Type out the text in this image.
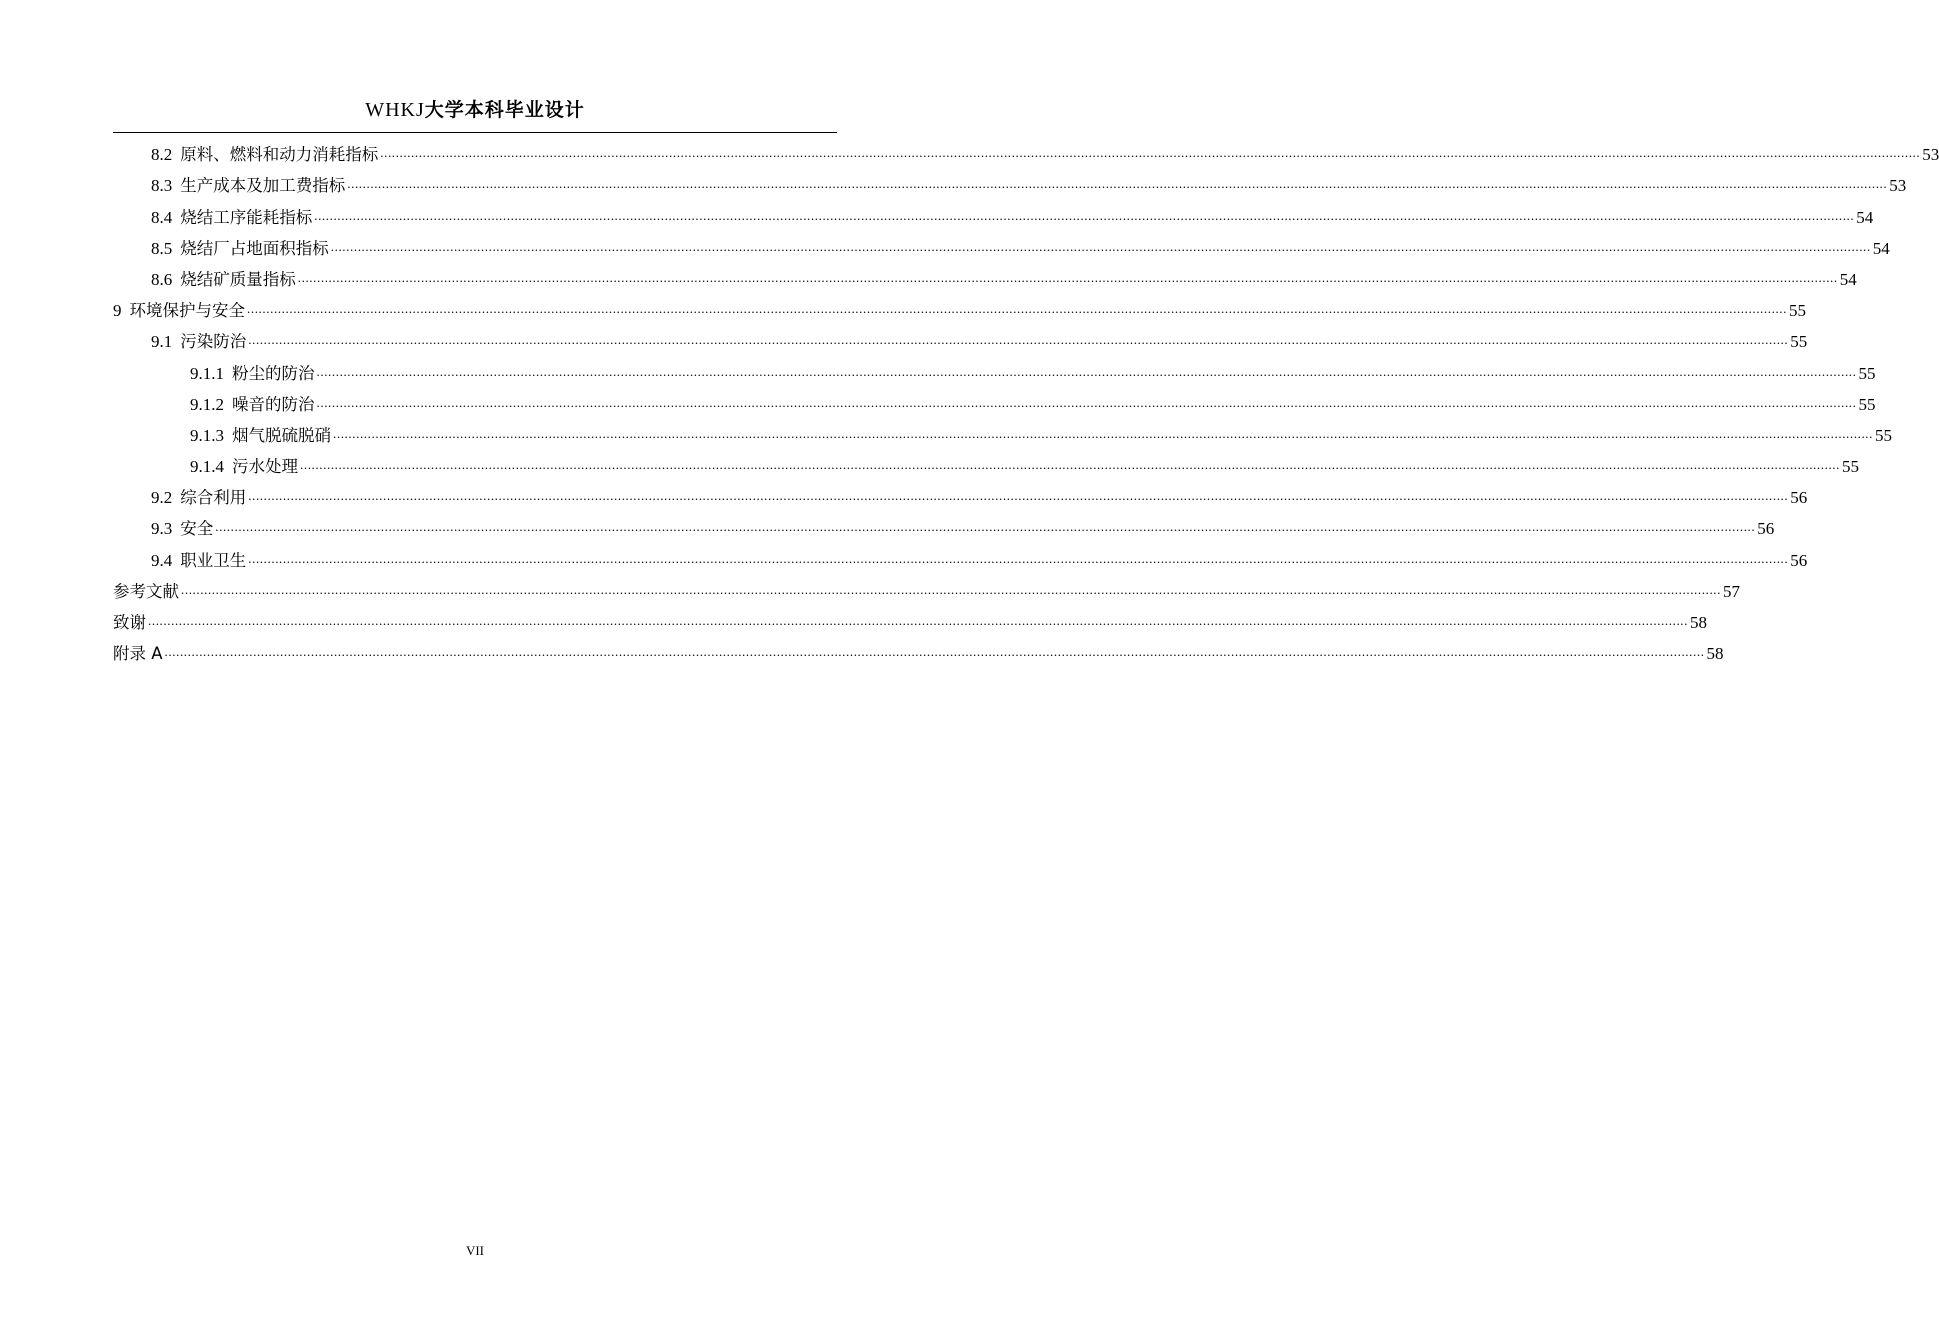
WHKJ大学本科毕业设计
8.2 原料、燃料和动力消耗指标 ................................................................................................................................................................................................................................................................................................................................................................................................................ 53
8.3 生产成本及加工费指标 ................................................................................................................................................................................................................................................................................................................................................................................................................ 53
8.4 烧结工序能耗指标 ................................................................................................................................................................................................................................................................................................................................................................................................................ 54
8.5 烧结厂占地面积指标 ................................................................................................................................................................................................................................................................................................................................................................................................................ 54
8.6 烧结矿质量指标 ................................................................................................................................................................................................................................................................................................................................................................................................................ 54
9 环境保护与安全 ................................................................................................................................................................................................................................................................................................................................................................................................................ 55
9.1 污染防治 ................................................................................................................................................................................................................................................................................................................................................................................................................ 55
9.1.1 粉尘的防治 ................................................................................................................................................................................................................................................................................................................................................................................................................ 55
9.1.2 噪音的防治 ................................................................................................................................................................................................................................................................................................................................................................................................................ 55
9.1.3 烟气脱硫脱硝 ................................................................................................................................................................................................................................................................................................................................................................................................................ 55
9.1.4 污水处理 ................................................................................................................................................................................................................................................................................................................................................................................................................ 55
9.2 综合利用 ................................................................................................................................................................................................................................................................................................................................................................................................................ 56
9.3 安全 ................................................................................................................................................................................................................................................................................................................................................................................................................ 56
9.4 职业卫生 ................................................................................................................................................................................................................................................................................................................................................................................................................ 56
参考文献 ................................................................................................................................................................................................................................................................................................................................................................................................................ 57
致谢 ................................................................................................................................................................................................................................................................................................................................................................................................................ 58
附录 A ................................................................................................................................................................................................................................................................................................................................................................................................................ 58
VII
